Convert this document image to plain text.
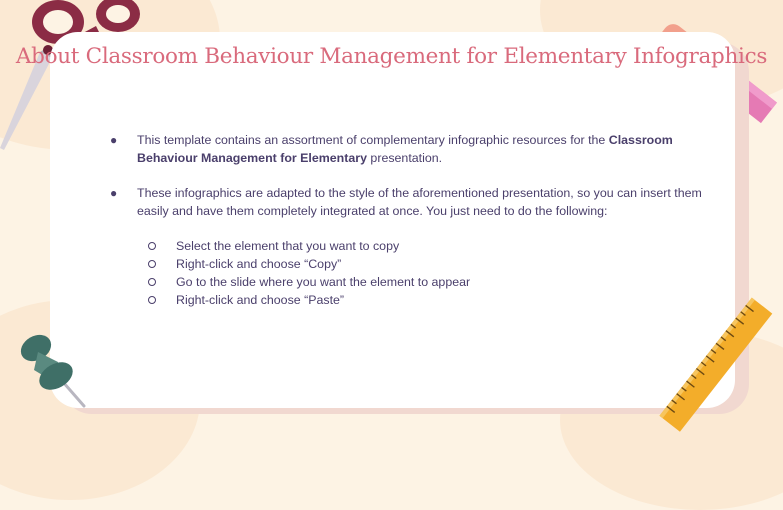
About Classroom Behaviour Management for Elementary Infographics

● This template contains an assortment of complementary infographic resources for the Classroom Behaviour Management for Elementary presentation.

● These infographics are adapted to the style of the aforementioned presentation, so you can insert them easily and have them completely integrated at once. You just need to do the following:

Select the element that you want to copy
Right-click and choose “Copy”
Go to the slide where you want the element to appear
Right-click and choose “Paste”
